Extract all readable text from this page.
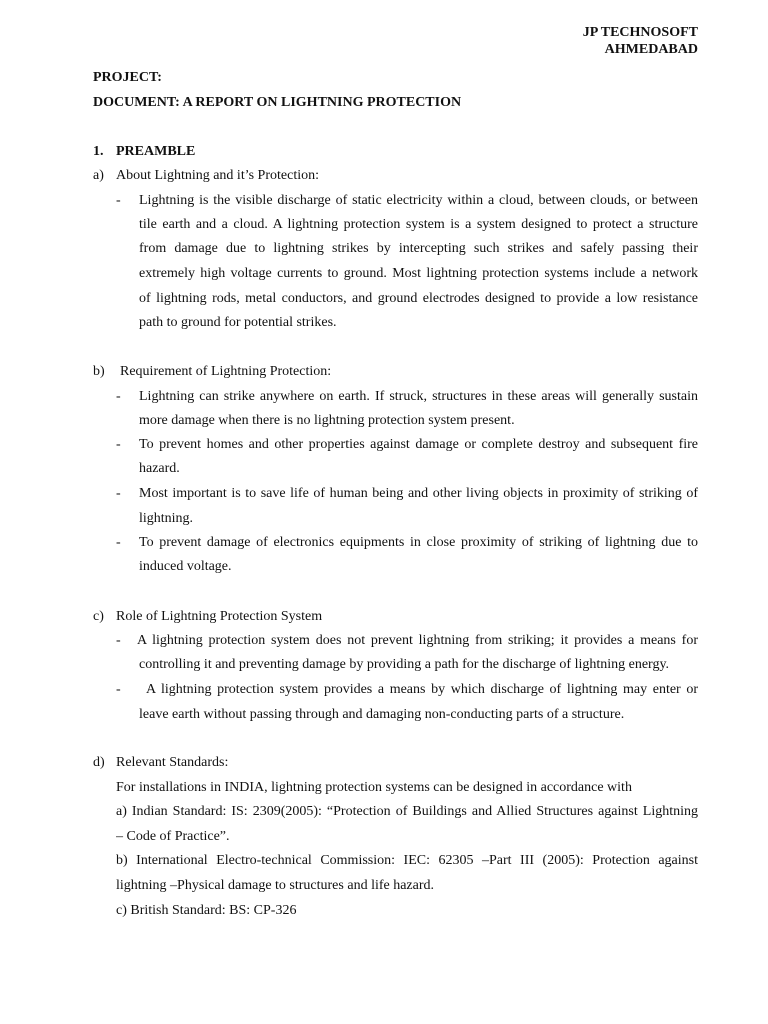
JP TECHNOSOFT
AHMEDABAD
PROJECT:
DOCUMENT: A REPORT ON LIGHTNING PROTECTION
1. PREAMBLE
a) About Lightning and it’s Protection:
- Lightning is the visible discharge of static electricity within a cloud, between clouds, or between
tile earth and a cloud. A lightning protection system is a system designed to protect a structure
from damage due to lightning strikes by intercepting such strikes and safely passing their
extremely high voltage currents to ground. Most lightning protection systems include a network
of lightning rods, metal conductors, and ground electrodes designed to provide a low resistance
path to ground for potential strikes.
b) Requirement of Lightning Protection:
- Lightning can strike anywhere on earth. If struck, structures in these areas will generally sustain
more damage when there is no lightning protection system present.
- To prevent homes and other properties against damage or complete destroy and subsequent fire
hazard.
- Most important is to save life of human being and other living objects in proximity of striking of
lightning.
- To prevent damage of electronics equipments in close proximity of striking of lightning due to
induced voltage.
c) Role of Lightning Protection System
- A lightning protection system does not prevent lightning from striking; it provides a means for
controlling it and preventing damage by providing a path for the discharge of lightning energy.
- A lightning protection system provides a means by which discharge of lightning may enter or
leave earth without passing through and damaging non-conducting parts of a structure.
d) Relevant Standards:
For installations in INDIA, lightning protection systems can be designed in accordance with
a) Indian Standard: IS: 2309(2005): “Protection of Buildings and Allied Structures against Lightning
– Code of Practice”.
b) International Electro-technical Commission: IEC: 62305 –Part III (2005): Protection against
lightning –Physical damage to structures and life hazard.
c) British Standard: BS: CP-326
